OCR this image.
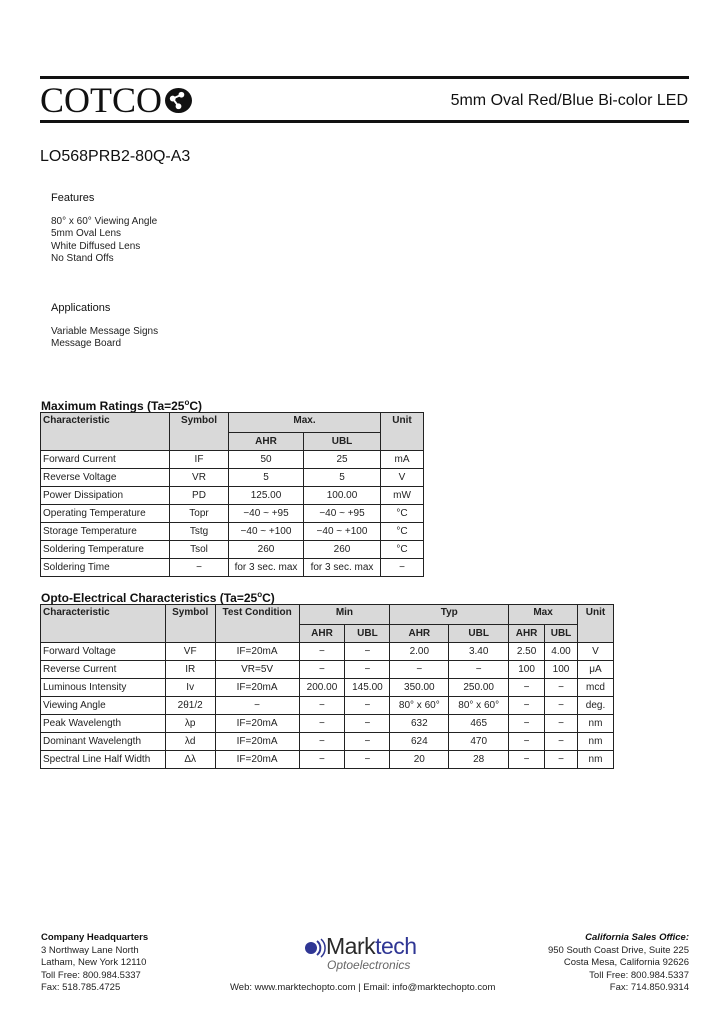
COTCO	5mm Oval Red/Blue Bi-color LED
LO568PRB2-80Q-A3
Features
80° x 60° Viewing Angle
5mm Oval Lens
White Diffused Lens
No Stand Offs
Applications
Variable Message Signs
Message Board
Maximum Ratings $(Ta=25^oC)$
Characteristic	Symbol	Max.		Unit
		AHR	UBL	
Forward Current	IF	50	25	mA
Reverse Voltage	VR	5	5	V
Power Dissipation	PD	125.00	100.00	mW
Operating Temperature	Topr	−40 ~ +95	−40 ~ +95	°C
Storage Temperature	Tstg	−40 ~ +100	−40 ~ +100	°C
Soldering Temperature	Tsol	260	260	°C
Soldering Time	−	for 3 sec. max	for 3 sec. max	−
Opto-Electrical Characteristics $(Ta=25^oC)$
Characteristic	Symbol	Test Condition	Min		Typ		Max		Unit
			AHR	UBL	AHR	UBL	AHR	UBL	
Forward Voltage	VF	IF=20mA	−	−	2.00	3.40	2.50	4.00	V
Reverse Current	IR	VR=5V	−	−	−	−	100	100	μA
Luminous Intensity	Iv	IF=20mA	200.00	145.00	350.00	250.00	−	−	mcd
Viewing Angle	2θ1/2	−	−	−	80° x 60°	80° x 60°	−	−	deg.
Peak Wavelength	λp	IF=20mA	−	−	632	465	−	−	nm
Dominant Wavelength	λd	IF=20mA	−	−	624	470	−	−	nm
Spectral Line Half Width	Δλ	IF=20mA	−	−	20	28	−	−	nm
Company Headquarters
3 Northway Lane North
Latham, New York 12110
Toll Free: 800.984.5337
Fax: 518.785.4725
Marktech
Optoelectronics
Web: www.marktechopto.com | Email: info@marktechopto.com
California Sales Office:
950 South Coast Drive, Suite 225
Costa Mesa, California 92626
Toll Free: 800.984.5337
Fax: 714.850.9314
